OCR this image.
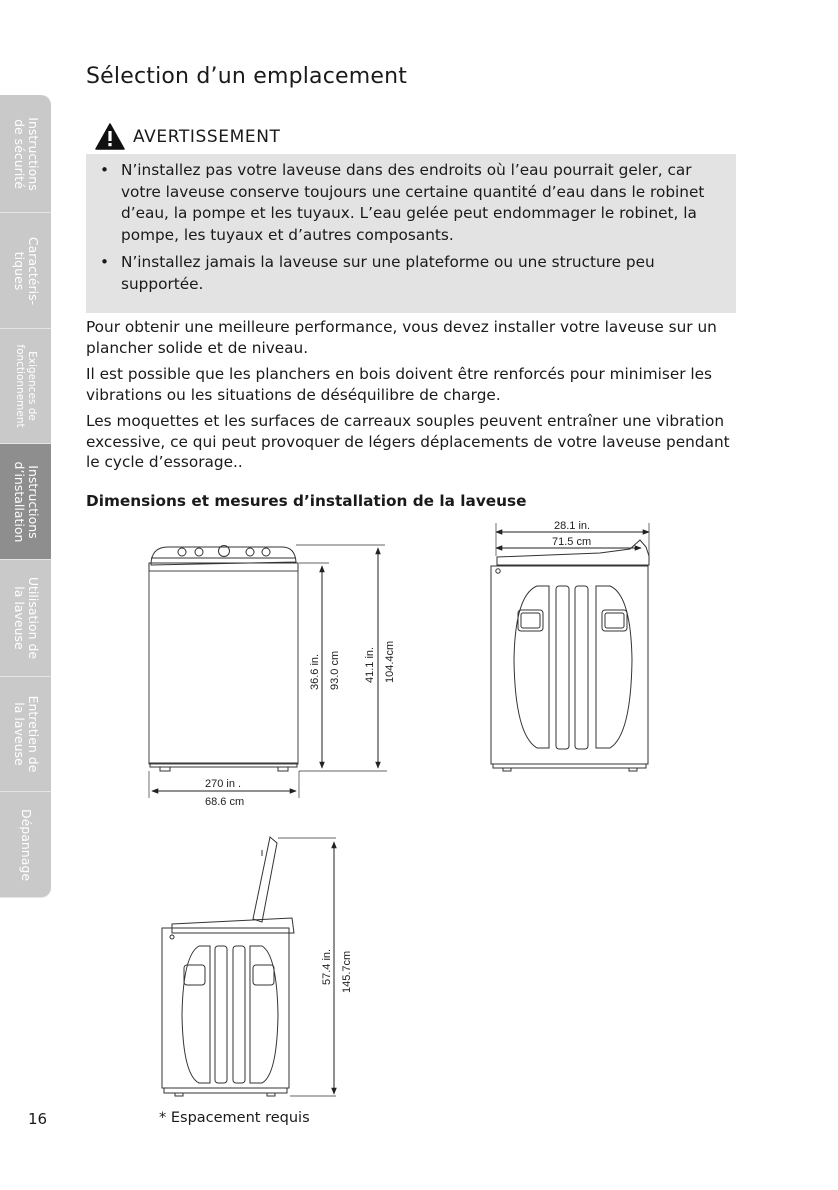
Sélection d’un emplacement
Instructions
de sécurité
Caractéris-
tiques
Exigences de
fonctionnement
Instructions
d’installation
Utilisation de
la laveuse
Entretien de
la laveuse
Dépannage
AVERTISSEMENT
• N’installez pas votre laveuse dans des endroits où l’eau pourrait geler, car votre laveuse conserve toujours une certaine quantité d’eau dans le robinet d’eau, la pompe et les tuyaux. L’eau gelée peut endommager le robinet, la pompe, les tuyaux et d’autres composants.
• N’installez jamais la laveuse sur une plateforme ou une structure peu supportée.

Pour obtenir une meilleure performance, vous devez installer votre laveuse sur un plancher solide et de niveau.

Il est possible que les planchers en bois doivent être renforcés pour minimiser les vibrations ou les situations de déséquilibre de charge.

Les moquettes et les surfaces de carreaux souples peuvent entraîner une vibration excessive, ce qui peut provoquer de légers déplacements de votre laveuse pendant le cycle d’essorage..

Dimensions et mesures d’installation de la laveuse
270 in .
68.6 cm
36.6 in. 93.0 cm 41.1 in. 104.4cm
28.1 in.
71.5 cm
57.4 in. 145.7cm
16	* Espacement requis
